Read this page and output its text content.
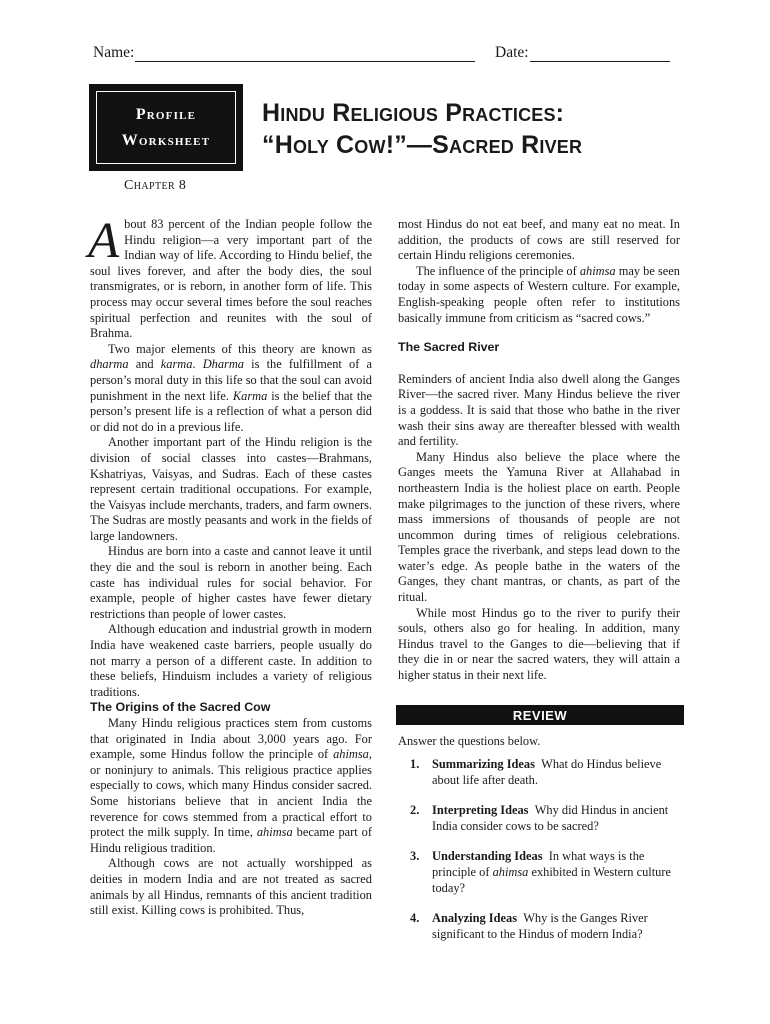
Name:	Date:
Profile
Worksheet
Hindu Religious Practices:
“Holy Cow!”—Sacred River
Chapter 8

About 83 percent of the Indian people follow the Hindu religion—a very important part of the Indian way of life. According to Hindu belief, the soul lives forever, and after the body dies, the soul transmigrates, or is reborn, in another form of life. This process may occur several times before the soul reaches spiritual perfection and reunites with the soul of Brahma.

Two major elements of this theory are known as dharma and karma. Dharma is the fulfillment of a person’s moral duty in this life so that the soul can avoid punishment in the next life. Karma is the belief that the person’s present life is a reflection of what a person did or did not do in a previous life.

Another important part of the Hindu religion is the division of social classes into castes—Brahmans, Kshatriyas, Vaisyas, and Sudras. Each of these castes represent certain traditional occupations. For example, the Vaisyas include merchants, traders, and farm owners. The Sudras are mostly peasants and work in the fields of large landowners.

Hindus are born into a caste and cannot leave it until they die and the soul is reborn in another being. Each caste has individual rules for social behavior. For example, people of higher castes have fewer dietary restrictions than people of lower castes.

Although education and industrial growth in modern India have weakened caste barriers, people usually do not marry a person of a different caste. In addition to these beliefs, Hinduism includes a variety of religious traditions.

The Origins of the Sacred Cow

Many Hindu religious practices stem from customs that originated in India about 3,000 years ago. For example, some Hindus follow the principle of ahimsa, or noninjury to animals. This religious practice applies especially to cows, which many Hindus consider sacred. Some historians believe that in ancient India the reverence for cows stemmed from a practical effort to protect the milk supply. In time, ahimsa became part of Hindu religious tradition.

Although cows are not actually worshipped as deities in modern India and are not treated as sacred animals by all Hindus, remnants of this ancient tradition still exist. Killing cows is prohibited. Thus,

most Hindus do not eat beef, and many eat no meat. In addition, the products of cows are still reserved for certain Hindu religions ceremonies.

The influence of the principle of ahimsa may be seen today in some aspects of Western culture. For example, English-speaking people often refer to institutions basically immune from criticism as “sacred cows.”

The Sacred River

Reminders of ancient India also dwell along the Ganges River—the sacred river. Many Hindus believe the river is a goddess. It is said that those who bathe in the river wash their sins away are thereafter blessed with wealth and fertility.

Many Hindus also believe the place where the Ganges meets the Yamuna River at Allahabad in northeastern India is the holiest place on earth. People make pilgrimages to the junction of these rivers, where mass immersions of thousands of people are not uncommon during times of religious celebrations. Temples grace the riverbank, and steps lead down to the water’s edge. As people bathe in the waters of the Ganges, they chant mantras, or chants, as part of the ritual.

While most Hindus go to the river to purify their souls, others also go for healing. In addition, many Hindus travel to the Ganges to die—believing that if they die in or near the sacred waters, they will attain a higher status in their next life.

REVIEW
Answer the questions below.
1. Summarizing Ideas What do Hindus believe about life after death.
2. Interpreting Ideas Why did Hindus in ancient India consider cows to be sacred?
3. Understanding Ideas In what ways is the principle of ahimsa exhibited in Western culture today?
4. Analyzing Ideas Why is the Ganges River significant to the Hindus of modern India?
